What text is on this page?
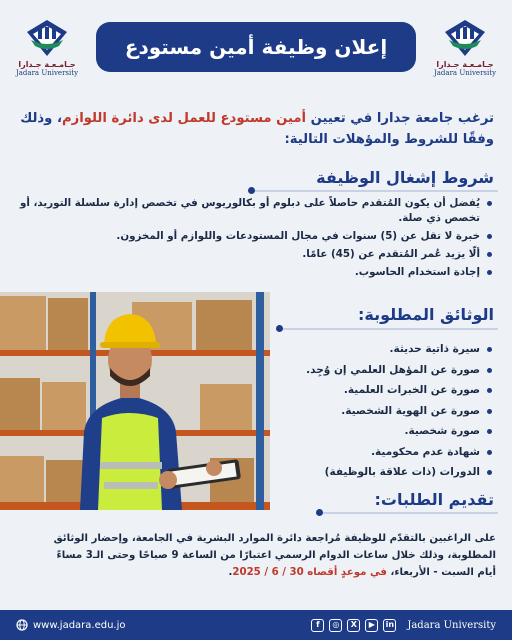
جـامـعـة جـدارا
Jadara University
جـامـعـة جـدارا
Jadara University
إعلان وظيفة أمين مستودع
ترغب جامعة جدارا في تعيين أمين مستودع للعمل لدى دائرة اللوازم، وذلك وفقًا للشروط والمؤهلات التالية:
شروط إشغال الوظيفة
يُفضل أن يكون المُتقدم حاصلاً على دبلوم أو بكالوريوس في تخصص إدارة سلسلة التوريد، أو تخصص ذي صلة.
خبرة لا تقل عن (5) سنوات في مجال المستودعات واللوازم أو المخزون.
ألّا يزيد عُمر المُتقدم عن (45) عامًا.
إجادة استخدام الحاسوب.
الوثائق المطلوبة:
سيرة ذاتية حديثة.
صورة عن المؤهل العلمي إن وُجِد.
صورة عن الخبرات العلمية.
صورة عن الهوية الشخصية.
صورة شخصية.
شهادة عدم محكومية.
الدورات (ذات علاقة بالوظيفة)
تقديم الطلبات:
على الراغبين بالتقدّم للوظيفة مُراجعة دائرة الموارد البشرية في الجامعة، وإحضار الوثائق
المطلوبة، وذلك خلال ساعات الدوام الرسمي اعتبارًا من الساعة 9 صباحًا وحتى الـ3 مساءً
أيام السبت - الأربعاء، في موعدٍ أقصاه 30 / 6 / 2025.
www.jadara.edu.jo	f	◎	X	▶	in Jadara University
